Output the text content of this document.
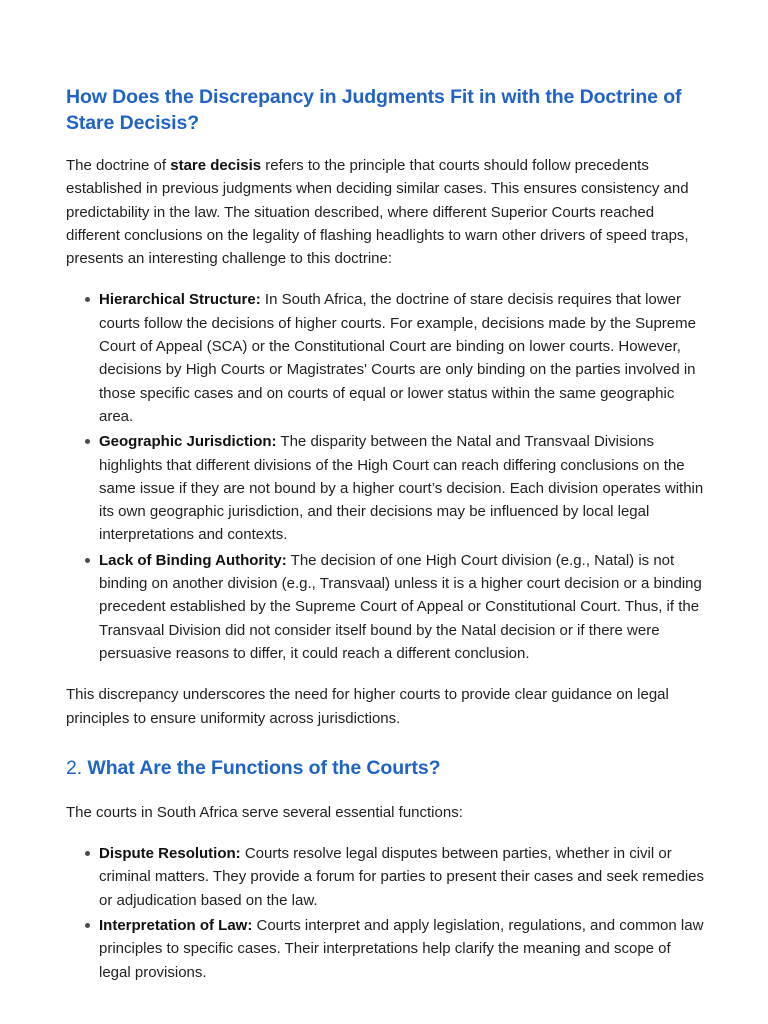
How Does the Discrepancy in Judgments Fit in with the Doctrine of Stare Decisis?

The doctrine of stare decisis refers to the principle that courts should follow precedents established in previous judgments when deciding similar cases. This ensures consistency and predictability in the law. The situation described, where different Superior Courts reached different conclusions on the legality of flashing headlights to warn other drivers of speed traps, presents an interesting challenge to this doctrine:

Hierarchical Structure: In South Africa, the doctrine of stare decisis requires that lower courts follow the decisions of higher courts. For example, decisions made by the Supreme Court of Appeal (SCA) or the Constitutional Court are binding on lower courts. However, decisions by High Courts or Magistrates' Courts are only binding on the parties involved in those specific cases and on courts of equal or lower status within the same geographic area.
Geographic Jurisdiction: The disparity between the Natal and Transvaal Divisions highlights that different divisions of the High Court can reach differing conclusions on the same issue if they are not bound by a higher court’s decision. Each division operates within its own geographic jurisdiction, and their decisions may be influenced by local legal interpretations and contexts.
Lack of Binding Authority: The decision of one High Court division (e.g., Natal) is not binding on another division (e.g., Transvaal) unless it is a higher court decision or a binding precedent established by the Supreme Court of Appeal or Constitutional Court. Thus, if the Transvaal Division did not consider itself bound by the Natal decision or if there were persuasive reasons to differ, it could reach a different conclusion.

This discrepancy underscores the need for higher courts to provide clear guidance on legal principles to ensure uniformity across jurisdictions.

2. What Are the Functions of the Courts?

The courts in South Africa serve several essential functions:

Dispute Resolution: Courts resolve legal disputes between parties, whether in civil or criminal matters. They provide a forum for parties to present their cases and seek remedies or adjudication based on the law.
Interpretation of Law: Courts interpret and apply legislation, regulations, and common law principles to specific cases. Their interpretations help clarify the meaning and scope of legal provisions.
